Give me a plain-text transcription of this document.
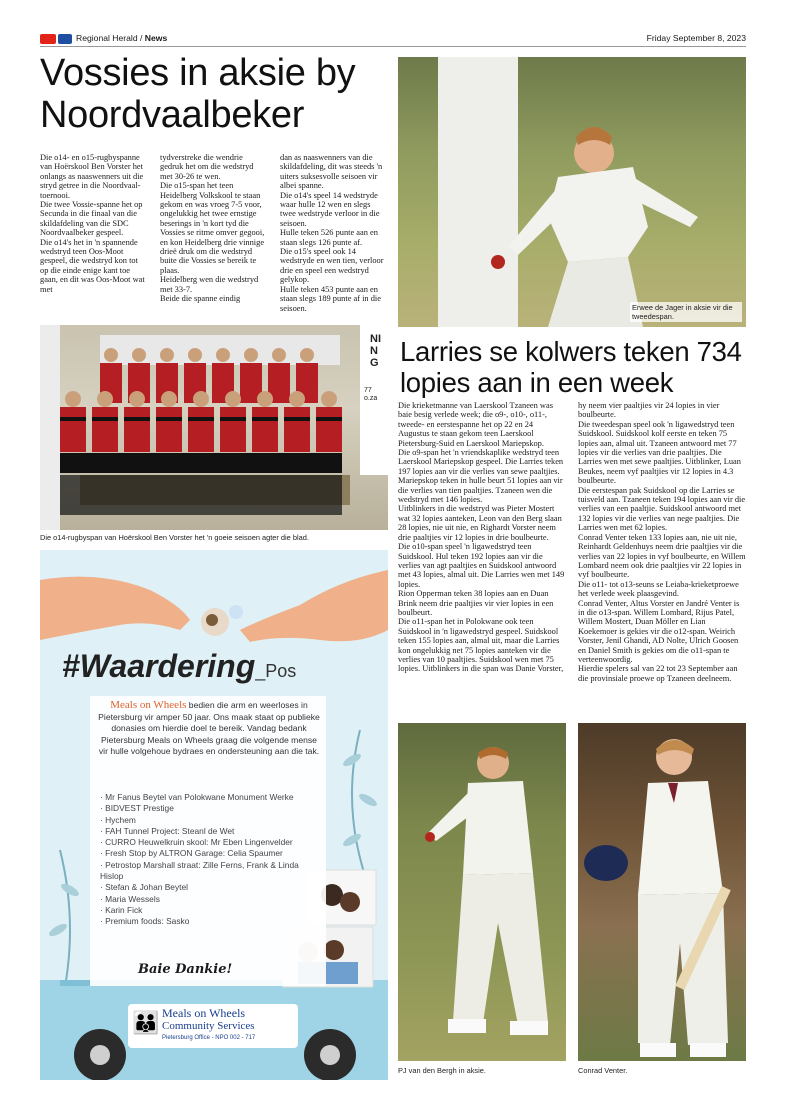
Regional Herald / News	Friday September 8, 2023
Vossies in aksie by Noordvaalbeker
Die o14- en o15-rugbyspanne van Hoërskool Ben Vorster het onlangs as naaswenners uit die stryd getree in die Noordvaal-toernooi.
Die twee Vossie-spanne het op Secunda in die finaal van die skildafdeling van die SDC Noordvaalbeker gespeel.
Die o14's het in 'n spannende wedstryd teen Oos-Moot gespeel, die wedstryd kon tot op die einde enige kant toe gaan, en dit was Oos-Moot wat met
tydverstreke die wendrie gedruk het om die wedstryd met 30-26 te wen.
Die o15-span het teen Heidelberg Volkskool te staan gekom en was vroeg 7-5 voor, ongelukkig het twee ernstige beserings in 'n kort tyd die Vossies se ritme omver gegooi, en kon Heidelberg drie vinnige drieë druk om die wedstryd buite die Vossies se bereik te plaas.
Heidelberg wen die wedstryd met 33-7.
Beide die spanne eindig
dan as naaswenners van die skildafdeling, dit was steeds 'n uiters suksesvolle seisoen vir albei spanne.
Die o14's speel 14 wedstryde waar hulle 12 wen en slegs twee wedstryde verloor in die seisoen.
Hulle teken 526 punte aan en staan slegs 126 punte af.
Die o15's speel ook 14 wedstryde en wen tien, verloor drie en speel een wedstryd gelykop.
Hulle teken 453 punte aan en staan slegs 189 punte af in die seisoen.	Erwee de Jager in aksie vir die tweedespan.
NING
77 o.za
Die o14-rugbyspan van Hoërskool Ben Vorster het 'n goeie seisoen agter die blad.
Larries se kolwers teken 734 lopies aan in een week
Die krieketmanne van Laerskool Tzaneen was baie besig verlede week; die o9-, o10-, o11-, tweede- en eerstespanne het op 22 en 24 Augustus te staan gekom teen Laerskool Pietersburg-Suid en Laerskool Mariepskop.
Die o9-span het 'n vriendskaplike wedstryd teen Laerskool Mariepskop gespeel. Die Larries teken 197 lopies aan vir die verlies van sewe paaltjies. Mariepskop teken in hulle beurt 51 lopies aan vir die verlies van tien paaltjies. Tzaneen wen die wedstryd met 146 lopies.
Uitblinkers in die wedstryd was Pieter Mostert wat 32 lopies aanteken, Leon van den Berg slaan 28 lopies, nie uit nie, en Righardt Vorster neem drie paaltjies vir 12 lopies in drie boulbeurte.
Die o10-span speel 'n ligawedstryd teen Suidskool. Hul teken 192 lopies aan vir die verlies van agt paaltjies en Suidskool antwoord met 43 lopies, almal uit. Die Larries wen met 149 lopies.
Rion Opperman teken 38 lopies aan en Duan Brink neem drie paaltjies vir vier lopies in een boulbeurt.
Die o11-span het in Polokwane ook teen Suidskool in 'n ligawedstryd gespeel. Suidskool teken 155 lopies aan, almal uit, maar die Larries kon ongelukkig net 75 lopies aanteken vir die verlies van 10 paaltjies. Suidskool wen met 75 lopies. Uitblinkers in die span was Danie Vorster,
hy neem vier paaltjies vir 24 lopies in vier boulbeurte.
Die tweedespan speel ook 'n ligawedstryd teen Suidskool. Suidskool kolf eerste en teken 75 lopies aan, almal uit. Tzaneen antwoord met 77 lopies vir die verlies van drie paaltjies. Die Larries wen met sewe paaltjies. Uitblinker, Luan Beukes, neem vyf paaltjies vir 12 lopies in 4.3 boulbeurte.
Die eerstespan pak Suidskool op die Larries se tuisveld aan. Tzaneen teken 194 lopies aan vir die verlies van een paaltjie. Suidskool antwoord met 132 lopies vir die verlies van nege paaltjies. Die Larries wen met 62 lopies.
Conrad Venter teken 133 lopies aan, nie uit nie, Reinhardt Geldenhuys neem drie paaltjies vir die verlies van 22 lopies in vyf boulbeurte, en Willem Lombard neem ook drie paaltjies vir 22 lopies in vyf boulbeurte.
Die o11- tot o13-seuns se Leiaba-krieketproewe het verlede week plaasgevind.
Conrad Venter, Altus Vorster en Jandré Venter is in die o13-span. Willem Lombard, Rijus Patel, Willem Mostert, Duan Möller en Lian Koekemoer is gekies vir die o12-span. Weirich Vorster, Jenil Ghandi, AD Nolte, Ulrich Goosen en Daniel Smith is gekies om die o11-span te verteenwoordig.
Hierdie spelers sal van 22 tot 23 September aan die provinsiale proewe op Tzaneen deelneem.
PJ van den Bergh in aksie.	Conrad Venter.
#Waardering_Pos
Meals on Wheels bedien die arm en weerloses in Pietersburg vir amper 50 jaar. Ons maak staat op publieke donasies om hierdie doel te bereik. Vandag bedank Pietersburg Meals on Wheels graag die volgende mense vir hulle volgehoue bydraes en ondersteuning aan die tak.
· Mr Fanus Beytel van Polokwane Monument Werke
· BIDVEST Prestige
· Hychem
· FAH Tunnel Project: Steanl de Wet
· CURRO Heuwelkruin skool: Mr Eben Lingenvelder
· Fresh Stop by ALTRON Garage: Celia Spaumer
· Petrostop Marshall straat: Zille Ferns, Frank & Linda Hislop
· Stefan & Johan Beytel
· Maria Wessels
· Karin Fick
· Premium foods: Sasko
Baie Dankie!
👪 Meals on Wheels
Community Services
Pietersburg Office - NPO 002 - 717
